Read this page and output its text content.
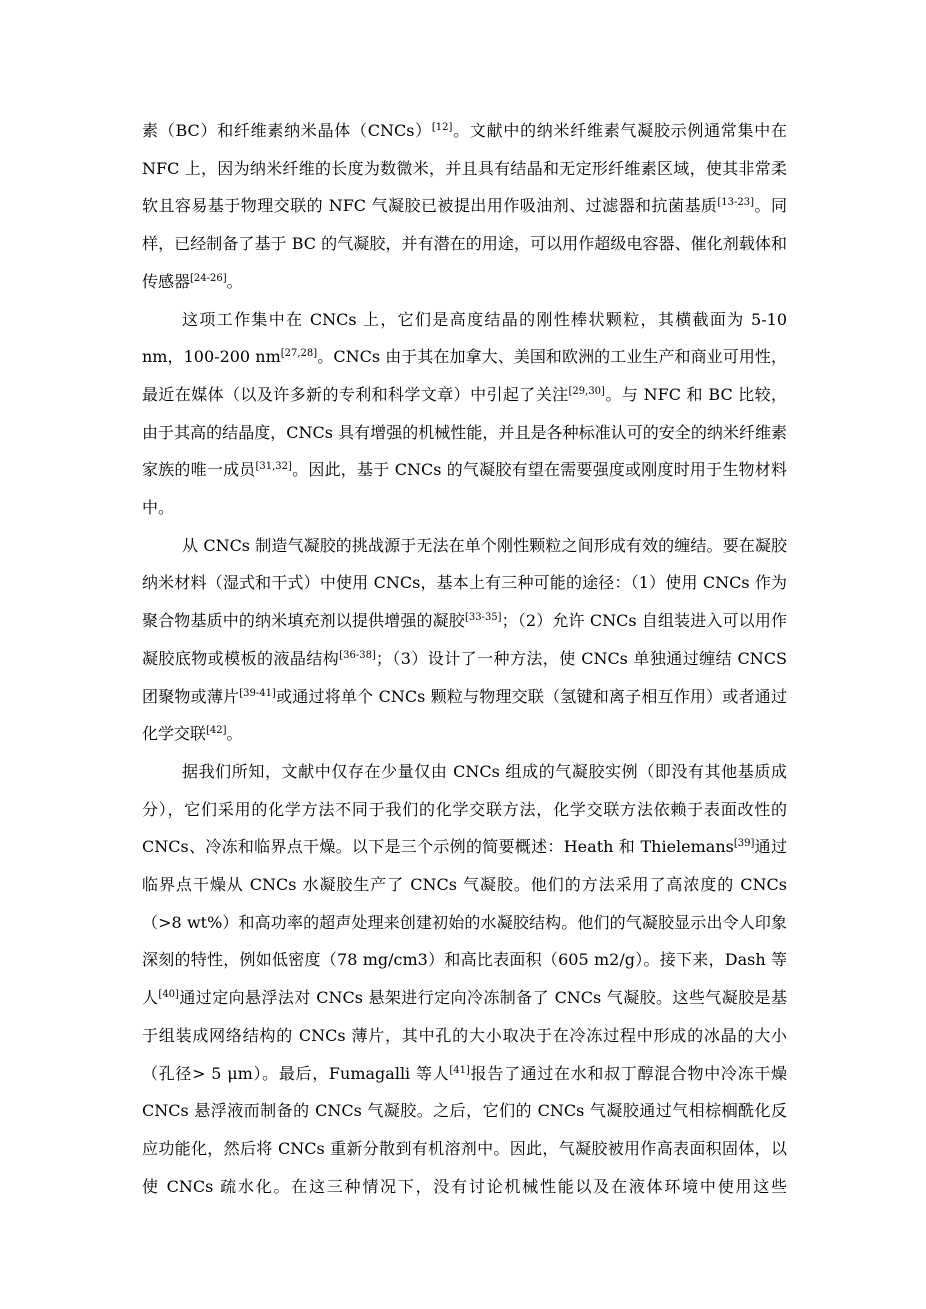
素（BC）和纤维素纳米晶体（CNCs）[12]。文献中的纳米纤维素气凝胶示例通常集中在 NFC 上，因为纳米纤维的长度为数微米，并且具有结晶和无定形纤维素区域，使其非常柔软且容易基于物理交联的 NFC 气凝胶已被提出用作吸油剂、过滤器和抗菌基质[13-23]。同样，已经制备了基于 BC 的气凝胶，并有潜在的用途，可以用作超级电容器、催化剂载体和传感器[24-26]。

这项工作集中在 CNCs 上，它们是高度结晶的刚性棒状颗粒，其横截面为 5-10 nm，100-200 nm[27,28]。CNCs 由于其在加拿大、美国和欧洲的工业生产和商业可用性，最近在媒体（以及许多新的专利和科学文章）中引起了关注[29,30]。与 NFC 和 BC 比较，由于其高的结晶度，CNCs 具有增强的机械性能，并且是各种标准认可的安全的纳米纤维素家族的唯一成员[31,32]。因此，基于 CNCs 的气凝胶有望在需要强度或刚度时用于生物材料中。

从 CNCs 制造气凝胶的挑战源于无法在单个刚性颗粒之间形成有效的缠结。要在凝胶纳米材料（湿式和干式）中使用 CNCs，基本上有三种可能的途径：（1）使用 CNCs 作为聚合物基质中的纳米填充剂以提供增强的凝胶[33-35]；（2）允许 CNCs 自组装进入可以用作凝胶底物或模板的液晶结构[36-38]；（3）设计了一种方法，使 CNCs 单独通过缠结 CNCS 团聚物或薄片[39-41]或通过将单个 CNCs 颗粒与物理交联（氢键和离子相互作用）或者通过化学交联[42]。

据我们所知，文献中仅存在少量仅由 CNCs 组成的气凝胶实例（即没有其他基质成分），它们采用的化学方法不同于我们的化学交联方法，化学交联方法依赖于表面改性的 CNCs、冷冻和临界点干燥。以下是三个示例的简要概述：Heath 和 Thielemans[39]通过临界点干燥从 CNCs 水凝胶生产了 CNCs 气凝胶。他们的方法采用了高浓度的 CNCs（>8 wt%）和高功率的超声处理来创建初始的水凝胶结构。他们的气凝胶显示出令人印象深刻的特性，例如低密度（78 mg/cm3）和高比表面积（605 m2/g）。接下来，Dash 等人[40]通过定向悬浮法对 CNCs 悬架进行定向冷冻制备了 CNCs 气凝胶。这些气凝胶是基于组装成网络结构的 CNCs 薄片，其中孔的大小取决于在冷冻过程中形成的冰晶的大小（孔径> 5 μm）。最后，Fumagalli 等人[41]报告了通过在水和叔丁醇混合物中冷冻干燥 CNCs 悬浮液而制备的 CNCs 气凝胶。之后，它们的 CNCs 气凝胶通过气相棕榈酰化反应功能化，然后将 CNCs 重新分散到有机溶剂中。因此，气凝胶被用作高表面积固体，以使 CNCs 疏水化。在这三种情况下，没有讨论机械性能以及在液体环境中使用这些
